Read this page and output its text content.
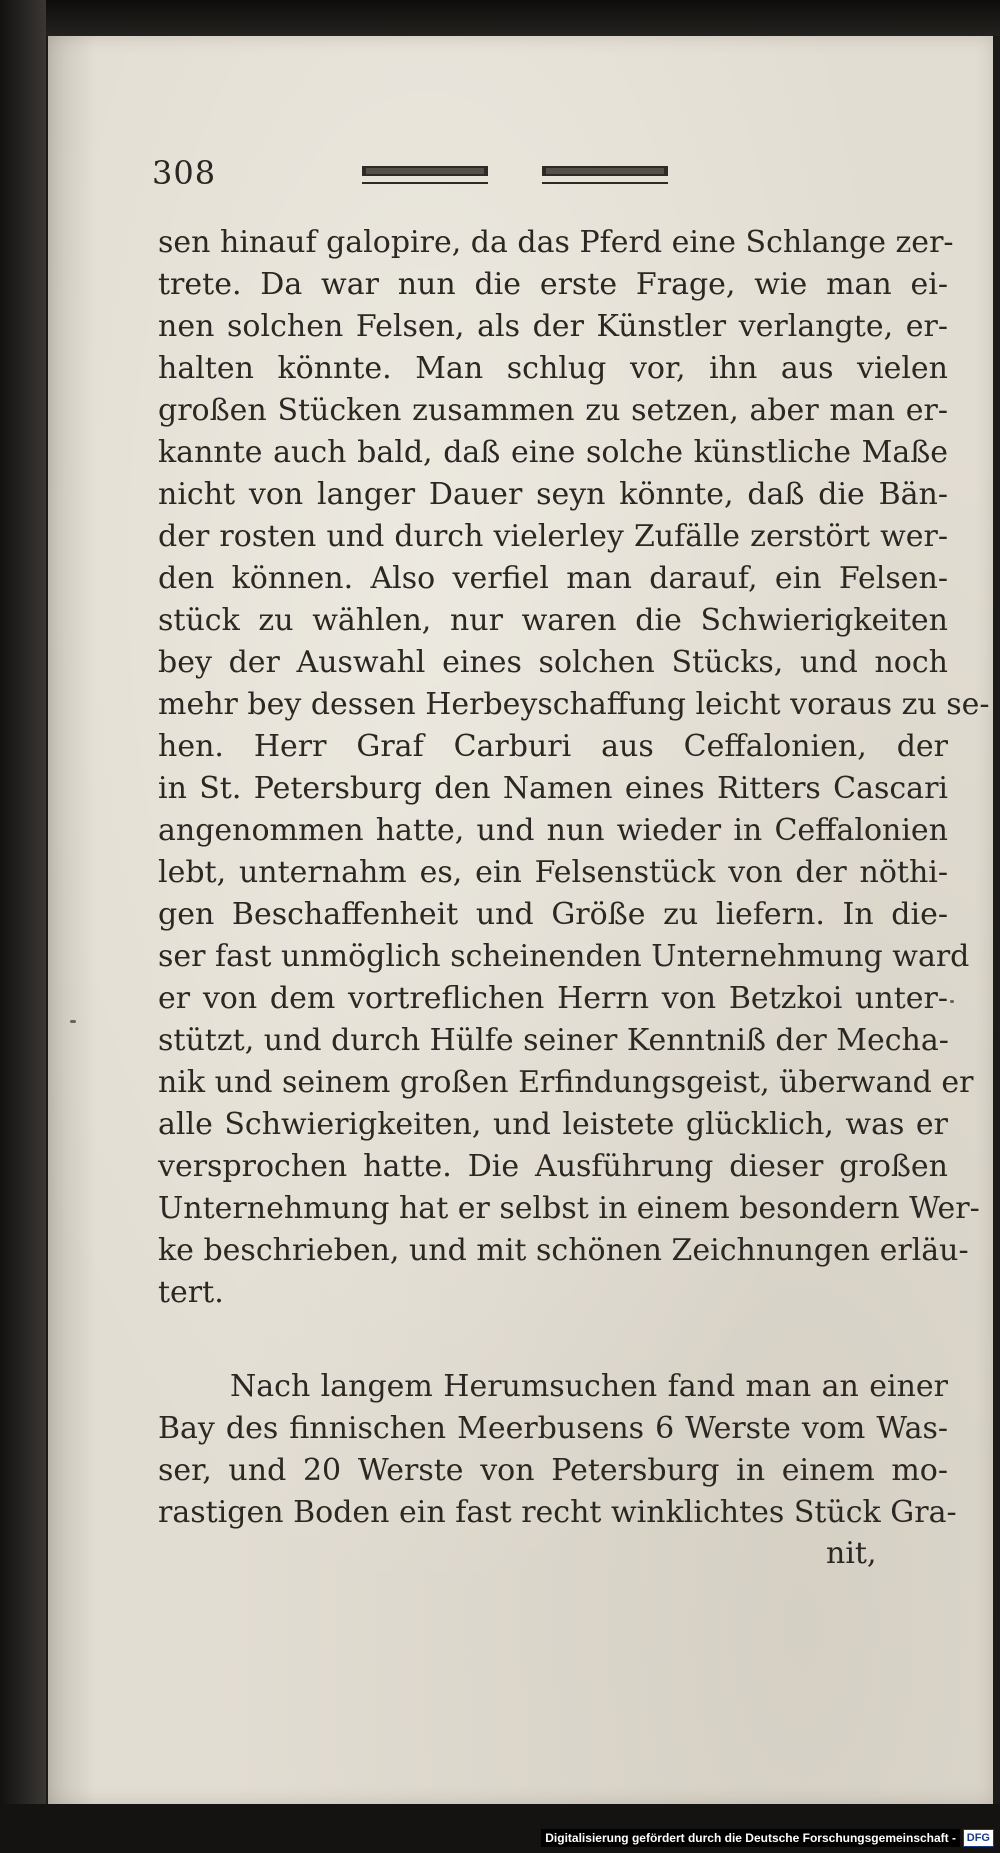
308
sen hinauf galopire, da das Pferd eine Schlange zer-
trete. Da war nun die erste Frage, wie man ei-
nen solchen Felsen, als der Künstler verlangte, er-
halten könnte. Man schlug vor, ihn aus vielen
großen Stücken zusammen zu setzen, aber man er-
kannte auch bald, daß eine solche künstliche Maße
nicht von langer Dauer seyn könnte, daß die Bän-
der rosten und durch vielerley Zufälle zerstört wer-
den können. Also verfiel man darauf, ein Felsen-
stück zu wählen, nur waren die Schwierigkeiten
bey der Auswahl eines solchen Stücks, und noch
mehr bey dessen Herbeyschaffung leicht voraus zu se-
hen. Herr Graf Carburi aus Ceffalonien, der
in St. Petersburg den Namen eines Ritters Cascari
angenommen hatte, und nun wieder in Ceffalonien
lebt, unternahm es, ein Felsenstück von der nöthi-
gen Beschaffenheit und Größe zu liefern. In die-
ser fast unmöglich scheinenden Unternehmung ward
er von dem vortreflichen Herrn von Betzkoi unter-
stützt, und durch Hülfe seiner Kenntniß der Mecha-
nik und seinem großen Erfindungsgeist, überwand er
alle Schwierigkeiten, und leistete glücklich, was er
versprochen hatte. Die Ausführung dieser großen
Unternehmung hat er selbst in einem besondern Wer-
ke beschrieben, und mit schönen Zeichnungen erläu-
tert.
Nach langem Herumsuchen fand man an einer
Bay des finnischen Meerbusens 6 Werste vom Was-
ser, und 20 Werste von Petersburg in einem mo-
rastigen Boden ein fast recht winklichtes Stück Gra-
nit,
Digitalisierung gefördert durch die Deutsche Forschungsgemeinschaft - DFG
